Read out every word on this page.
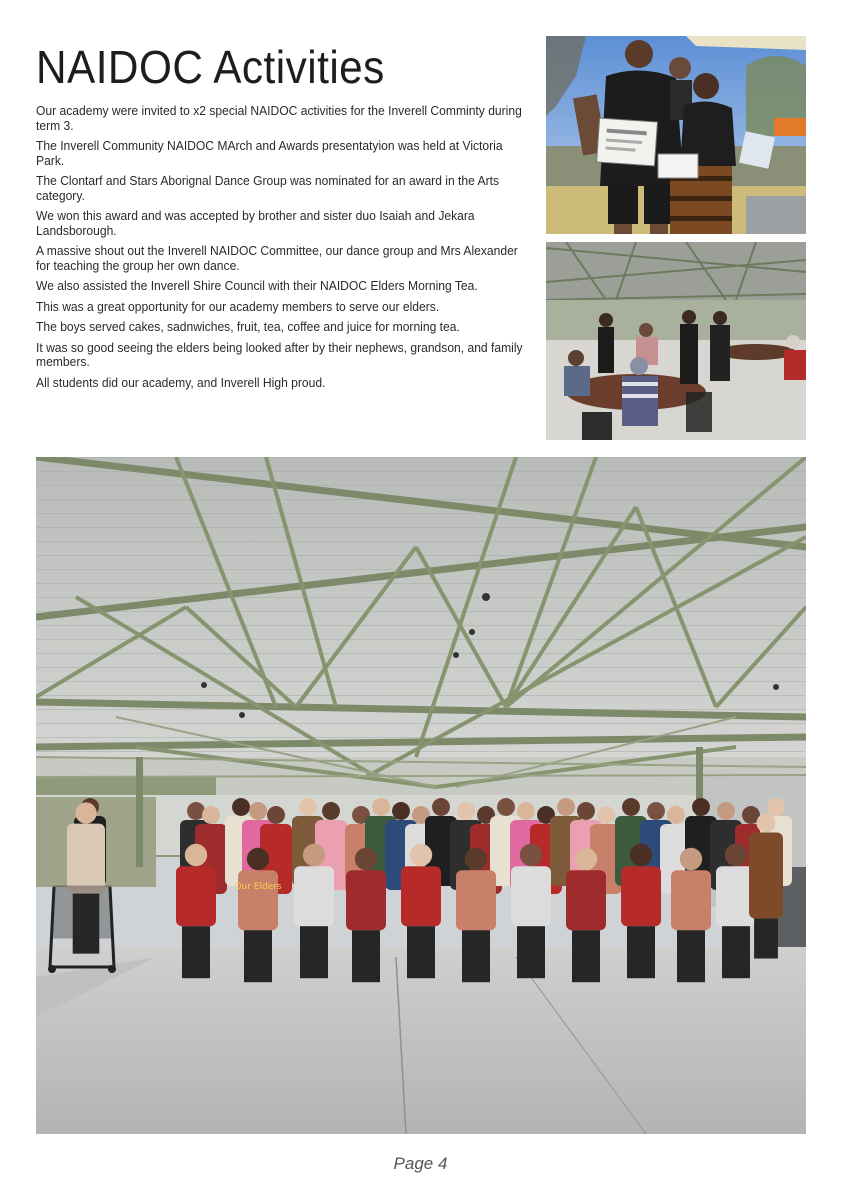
NAIDOC Activities

Our academy were invited to x2 special NAIDOC activities for the Inverell Comminty during term 3.

The Inverell Community NAIDOC MArch and Awards presentatyion was held at Victoria Park.

The Clontarf and Stars Aborignal Dance Group was nominated for an award in the Arts category.

We won this award and was accepted by brother and sister duo Isaiah and Jekara Landsborough.

A massive shout out the Inverell NAIDOC Committee, our dance group and Mrs Alexander for teaching the group her own dance.

We also assisted the Inverell Shire Council with their NAIDOC Elders Morning Tea.

This was a great opportunity for our academy members to serve our elders.

The boys served cakes, sadnwiches, fruit, tea, coffee and juice for morning tea.

It was so good seeing the elders being looked after by their nephews, grandson, and family members.

All students did our academy, and Inverell High proud.

Our Elders
Page 4
